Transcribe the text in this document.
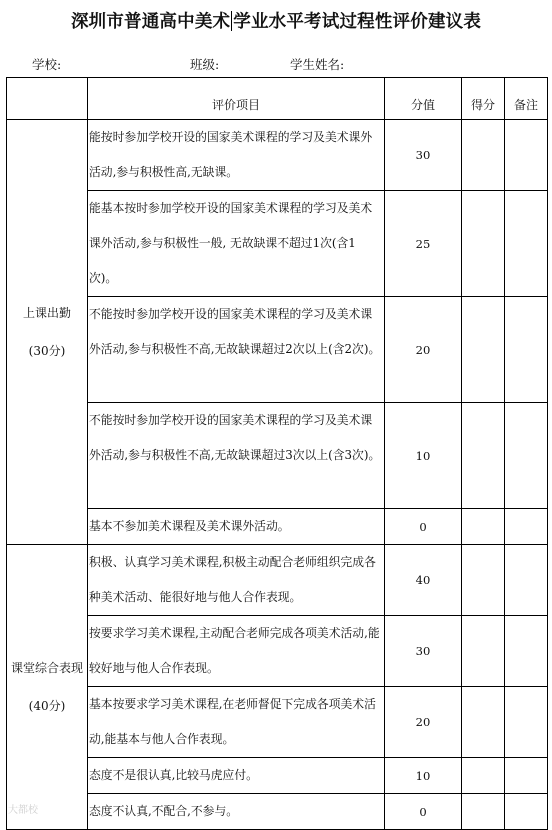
深圳市普通高中美术 学业水平考试过程性评价建议表
学校:	班级:	学生姓名:
	评价项目	分值	得分	备注

上课出勤
(30分)	能按时参加学校开设的国家美术课程的学习及美术课外活动,参与积极性高,无缺课。	30		
	能基本按时参加学校开设的国家美术课程的学习及美术课外活动,参与积极性一般, 无故缺课不超过1次(含1次)。	25		
	不能按时参加学校开设的国家美术课程的学习及美术课外活动,参与积极性不高,无故缺课超过2次以上(含2次)。	20		
	不能按时参加学校开设的国家美术课程的学习及美术课外活动,参与积极性不高,无故缺课超过3次以上(含3次)。	10		
	基本不参加美术课程及美术课外活动。	0		

课堂综合表现
(40分)	积极、认真学习美术课程,积极主动配合老师组织完成各种美术活动、能很好地与他人合作表现。	40		
	按要求学习美术课程,主动配合老师完成各项美术活动,能较好地与他人合作表现。	30		
	基本按要求学习美术课程,在老师督促下完成各项美术活动,能基本与他人合作表现。	20		
	态度不是很认真,比较马虎应付。	10		
	态度不认真,不配合,不参与。	0		
大都校
